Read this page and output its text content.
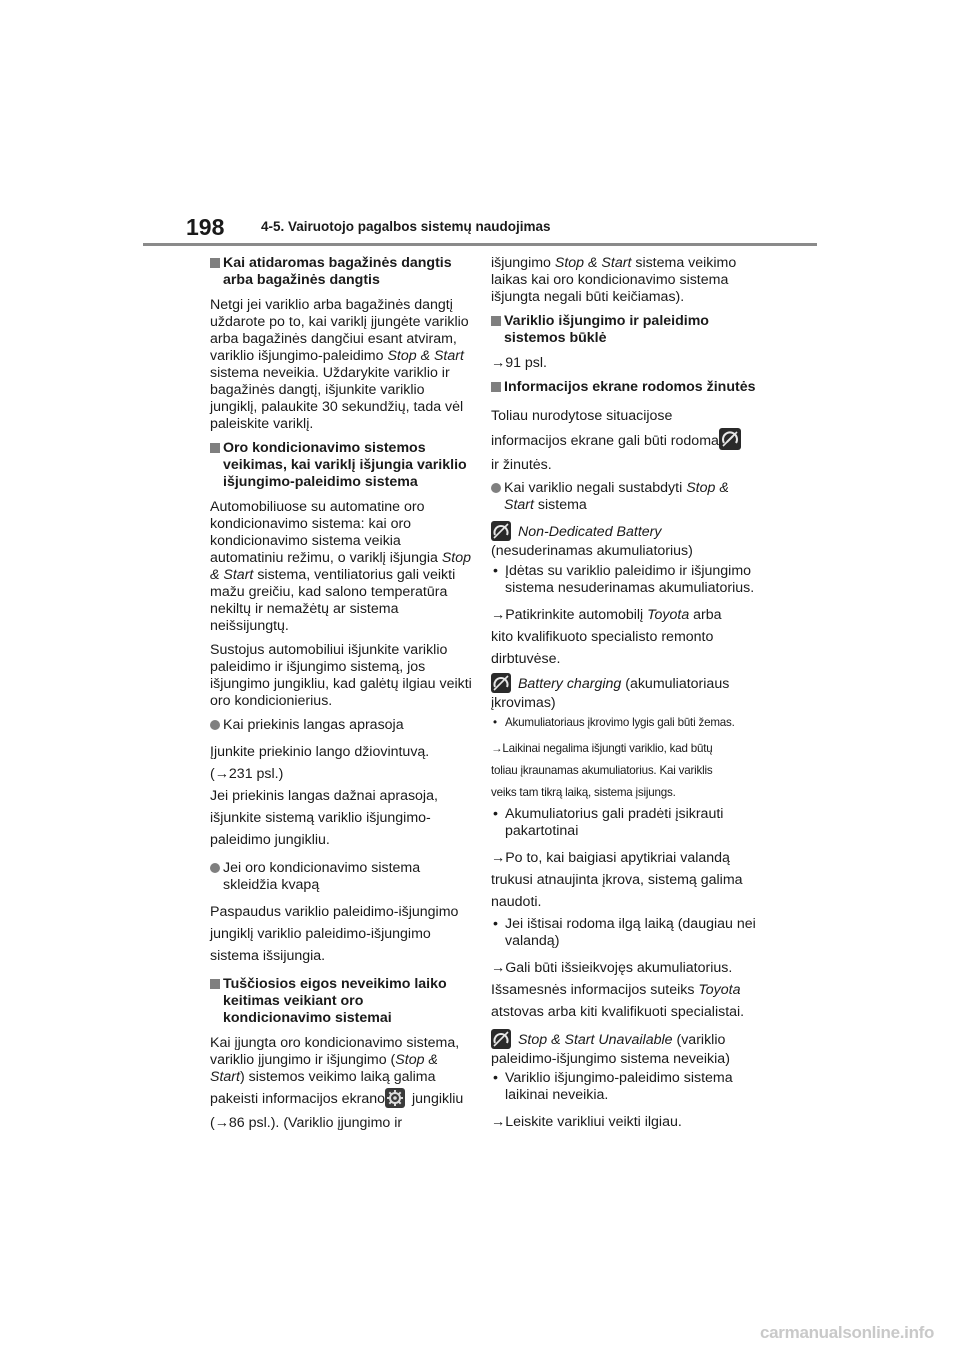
198	4-5. Vairuotojo pagalbos sistemų naudojimas
Kai atidaromas bagažinės dangtis arba bagažinės dangtis

Netgi jei variklio arba bagažinės dangtį uždarote po to, kai variklį įjungėte variklio arba bagažinės dangčiui esant atviram, variklio išjungimo-paleidimo Stop & Start sistema neveikia. Uždarykite variklio ir bagažinės dangtį, išjunkite variklio jungiklį, palaukite 30 sekundžių, tada vėl paleiskite variklį.

Oro kondicionavimo sistemos veikimas, kai variklį išjungia variklio išjungimo-paleidimo sistema

Automobiliuose su automatine oro kondicionavimo sistema: kai oro kondicionavimo sistema veikia automatiniu režimu, o variklį išjungia Stop & Start sistema, ventiliatorius gali veikti mažu greičiu, kad salono temperatūra nekiltų ir nemažėtų ar sistema neišsijungtų.

Sustojus automobiliui išjunkite variklio paleidimo ir išjungimo sistemą, jos išjungimo jungikliu, kad galėtų ilgiau veikti oro kondicionierius.

Kai priekinis langas aprasoja
Įjunkite priekinio lango džiovintuvą.
(→231 psl.)
Jei priekinis langas dažnai aprasoja,
išjunkite sistemą variklio išjungimo-
paleidimo jungikliu.
Jei oro kondicionavimo sistema skleidžia kvapą
Paspaudus variklio paleidimo-išjungimo
jungiklį variklio paleidimo-išjungimo
sistema išsijungia.
Tuščiosios eigos neveikimo laiko keitimas veikiant oro kondicionavimo sistemai

Kai įjungta oro kondicionavimo sistema, variklio įjungimo ir išjungimo (Stop & Start) sistemos veikimo laiką galima

pakeisti informacijos ekrano jungikliu
(→86 psl.). (Variklio įjungimo ir

išjungimo Stop & Start sistema veikimo laikas kai oro kondicionavimo sistema išjungta negali būti keičiamas).

Variklio išjungimo ir paleidimo sistemos būklė

→91 psl.

Informacijos ekrane rodomos žinutės
Toliau nurodytose situacijose
informacijos ekrane gali būti rodoma
ir žinutės.
Kai variklio negali sustabdyti Stop & Start sistema
Non-Dedicated Battery

(nesuderinamas akumuliatorius)

• Įdėtas su variklio paleidimo ir išjungimo sistema nesuderinamas akumuliatorius.
→Patikrinkite automobilį Toyota arba
kito kvalifikuoto specialisto remonto
dirbtuvėse.
Battery charging (akumuliatoriaus

įkrovimas)

• Akumuliatoriaus įkrovimo lygis gali būti žemas.
→Laikinai negalima išjungti variklio, kad būtų
toliau įkraunamas akumuliatorius. Kai variklis
veiks tam tikrą laiką, sistema įsijungs.
• Akumuliatorius gali pradėti įsikrauti pakartotinai
→Po to, kai baigiasi apytikriai valandą
trukusi atnaujinta įkrova, sistemą galima
naudoti.
• Jei ištisai rodoma ilgą laiką (daugiau nei valandą)
→Gali būti išsieikvojęs akumuliatorius.
Išsamesnės informacijos suteiks Toyota
atstovas arba kiti kvalifikuoti specialistai.
Stop & Start Unavailable (variklio

paleidimo-išjungimo sistema neveikia)

• Variklio išjungimo-paleidimo sistema laikinai neveikia.
→Leiskite varikliui veikti ilgiau.
carmanualsonline.info
